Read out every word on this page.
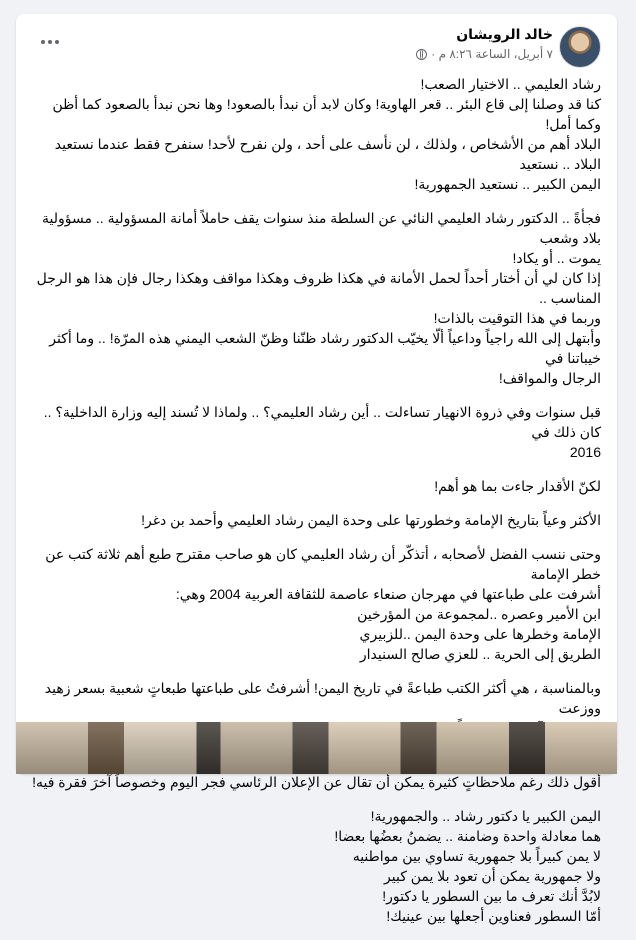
خالد الرويشان
٧ أبريل، الساعة ٨:٢٦ م ·
رشاد العليمي .. الاختيار الصعب!
كنا قد وصلنا إلى قاع البئر .. قعر الهاوية! وكان لابد أن نبدأ بالصعود! وها نحن نبدأ بالصعود كما أظن وكما أمل!
البلاد أهم من الأشخاص ، ولذلك ، لن نأسف على أحد ، ولن نفرح لأحد! سنفرح فقط عندما نستعيد البلاد .. نستعيد
اليمن الكبير .. نستعيد الجمهورية!
فجأةً .. الدكتور رشاد العليمي النائي عن السلطة منذ سنوات يقف حاملاً أمانة المسؤولية .. مسؤولية بلاد وشعب
يموت .. أو يكاد!
إذا كان لي أن أختار أحداً لحمل الأمانة في هكذا ظروف وهكذا مواقف وهكذا رجال فإن هذا هو الرجل المناسب ..
وربما في هذا التوقيت بالذات!
وأبتهل إلى الله راجياً وداعياً ألّا يخيّب الدكتور رشاد ظنّنا وظنّ الشعب اليمني هذه المرّة! .. وما أكثر خيباتنا في
الرجال والمواقف!
قبل سنوات وفي ذروة الانهيار تساءلت .. أين رشاد العليمي؟ .. ولماذا لا تُسند إليه وزارة الداخلية؟ .. كان ذلك في
2016
لكنّ الأقدار جاءت بما هو أهم!
الأكثر وعياً بتاريخ الإمامة وخطورتها على وحدة اليمن رشاد العليمي وأحمد بن دغر!
وحتى ننسب الفضل لأصحابه ، أتذكّر أن رشاد العليمي كان هو صاحب مقترح طبع أهم ثلاثة كتب عن خطر الإمامة
أشرفت على طباعتها في مهرجان صنعاء عاصمة للثقافة العربية 2004 وهي:
ابن الأمير وعصره ..لمجموعة من المؤرخين
الإمامة وخطرها على وحدة اليمن ..للزبيري
الطريق إلى الحرية .. للعزي صالح السنيدار
وبالمناسبة ، هي أكثر الكتب طباعةً في تاريخ اليمن! أشرفتُ على طباعتها طبعاتٍ شعبية بسعر زهيد ووزعت
أقول ذلك رغم ملاحظاتٍ كثيرة يمكن أن تقال عن الإعلان الرئاسي فجر اليوم وخصوصاً آخرَ فقرة فيه!
اليمن الكبير يا دكتور رشاد .. والجمهورية!
هما معادلة واحدة وضامنة .. يضمنُ بعضُها بعضا!
لا يمن كبيراً بلا جمهورية تساوي بين مواطنيه
ولا جمهورية يمكن أن تعود بلا يمن كبير
لابُدَّ أنك تعرف ما بين السطور يا دكتور!
أمّا السطور فعناوين أجعلها بين عينيك!
